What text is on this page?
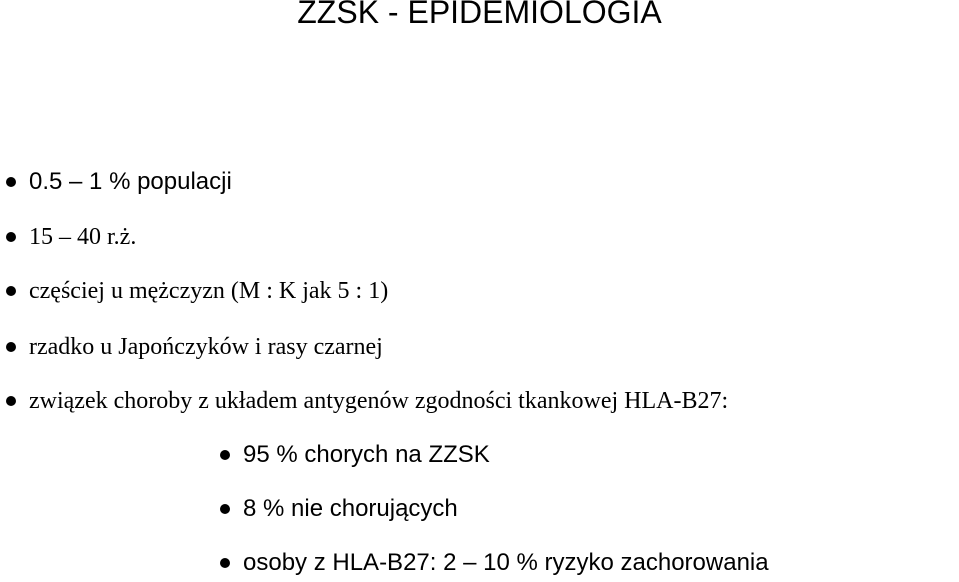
ZZSK - EPIDEMIOLOGIA
0.5 – 1 % populacji
15 – 40 r.ż.
częściej u mężczyzn (M : K jak 5 : 1)
rzadko u Japończyków i rasy czarnej
związek choroby z układem antygenów zgodności tkankowej HLA-B27:
95 % chorych na ZZSK
8 % nie chorujących
osoby z HLA-B27: 2 – 10 % ryzyko zachorowania
